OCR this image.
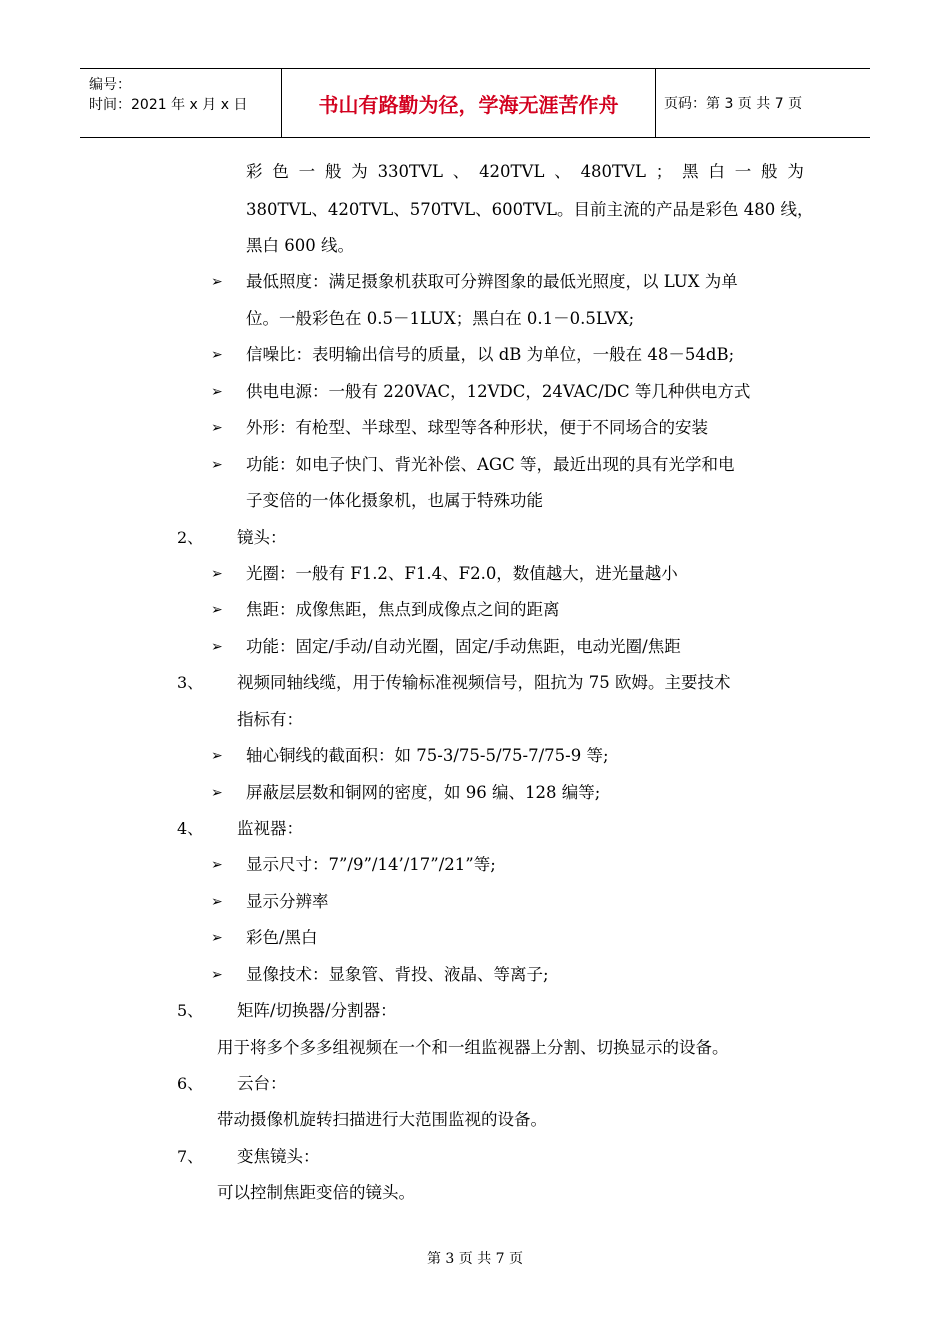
编号：
时间：2021 年 x 月 x 日	书山有路勤为径，学海无涯苦作舟	页码：第 3 页 共 7 页
彩 色 一 般 为 330TVL 、 420TVL 、 480TVL ； 黑 白 一 般 为
380TVL、420TVL、570TVL、600TVL。目前主流的产品是彩色 480 线，
黑白 600 线。
➢ 最低照度：满足摄象机获取可分辨图象的最低光照度，以 LUX 为单
位。一般彩色在 0.5－1LUX；黑白在 0.1－0.5LVX;
➢ 信噪比：表明输出信号的质量，以 dB 为单位，一般在 48－54dB;
➢ 供电电源：一般有 220VAC，12VDC，24VAC/DC 等几种供电方式
➢ 外形：有枪型、半球型、球型等各种形状，便于不同场合的安装
➢ 功能：如电子快门、背光补偿、AGC 等，最近出现的具有光学和电
子变倍的一体化摄象机，也属于特殊功能
2、 镜头：
➢ 光圈：一般有 F1.2、F1.4、F2.0，数值越大，进光量越小
➢ 焦距：成像焦距，焦点到成像点之间的距离
➢ 功能：固定/手动/自动光圈，固定/手动焦距，电动光圈/焦距
3、 视频同轴线缆，用于传输标准视频信号，阻抗为 75 欧姆。主要技术
指标有：
➢ 轴心铜线的截面积：如 75-3/75-5/75-7/75-9 等;
➢ 屏蔽层层数和铜网的密度，如 96 编、128 编等;
4、 监视器：
➢ 显示尺寸：7”/9”/14’/17”/21”等;
➢ 显示分辨率
➢ 彩色/黑白
➢ 显像技术：显象管、背投、液晶、等离子;
5、 矩阵/切换器/分割器：
用于将多个多多组视频在一个和一组监视器上分割、切换显示的设备。
6、 云台：
带动摄像机旋转扫描进行大范围监视的设备。
7、 变焦镜头：
可以控制焦距变倍的镜头。
第 3 页 共 7 页
